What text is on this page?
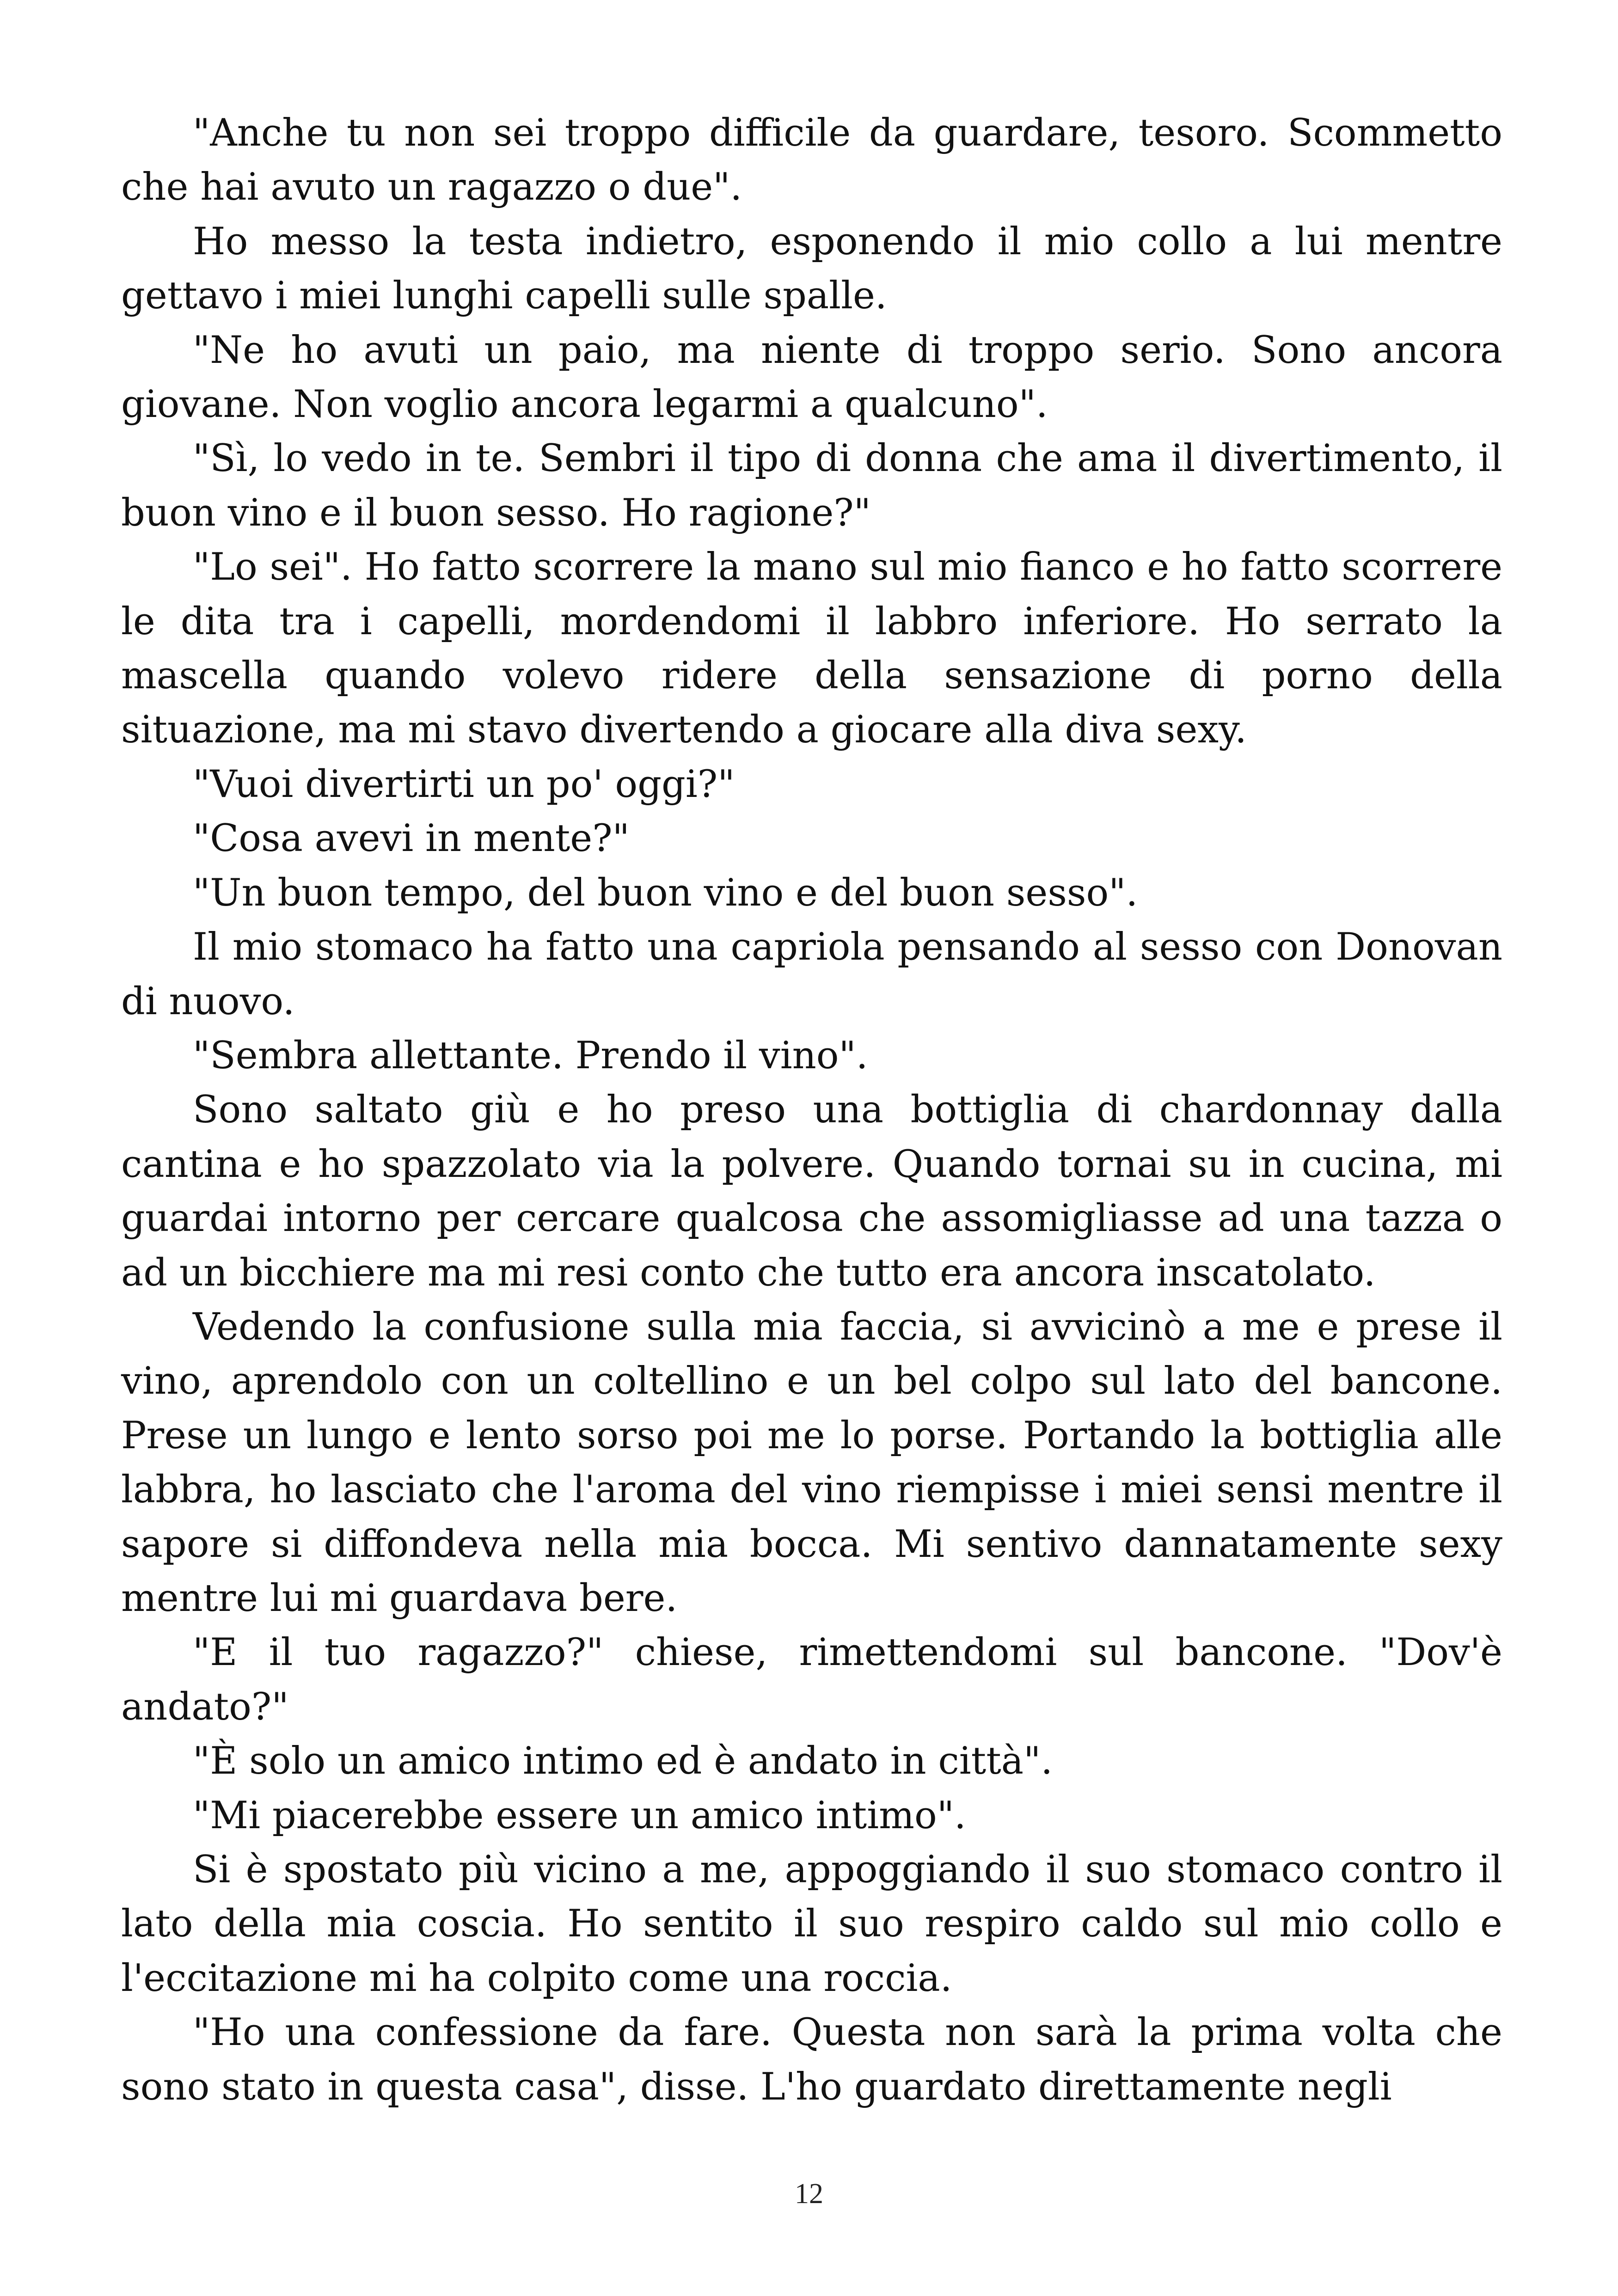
"Anche tu non sei troppo difficile da guardare, tesoro. Scommetto che hai avuto un ragazzo o due".

Ho messo la testa indietro, esponendo il mio collo a lui mentre gettavo i miei lunghi capelli sulle spalle.

"Ne ho avuti un paio, ma niente di troppo serio. Sono ancora giovane. Non voglio ancora legarmi a qualcuno".

"Sì, lo vedo in te. Sembri il tipo di donna che ama il divertimento, il buon vino e il buon sesso. Ho ragione?"

"Lo sei". Ho fatto scorrere la mano sul mio fianco e ho fatto scorrere le dita tra i capelli, mordendomi il labbro inferiore. Ho serrato la mascella quando volevo ridere della sensazione di porno della situazione, ma mi stavo divertendo a giocare alla diva sexy.

"Vuoi divertirti un po' oggi?"

"Cosa avevi in mente?"

"Un buon tempo, del buon vino e del buon sesso".

Il mio stomaco ha fatto una capriola pensando al sesso con Donovan di nuovo.

"Sembra allettante. Prendo il vino".

Sono saltato giù e ho preso una bottiglia di chardonnay dalla cantina e ho spazzolato via la polvere. Quando tornai su in cucina, mi guardai intorno per cercare qualcosa che assomigliasse ad una tazza o ad un bicchiere ma mi resi conto che tutto era ancora inscatolato.

Vedendo la confusione sulla mia faccia, si avvicinò a me e prese il vino, aprendolo con un coltellino e un bel colpo sul lato del bancone. Prese un lungo e lento sorso poi me lo porse. Portando la bottiglia alle labbra, ho lasciato che l'aroma del vino riempisse i miei sensi mentre il sapore si diffondeva nella mia bocca. Mi sentivo dannatamente sexy mentre lui mi guardava bere.

"E il tuo ragazzo?" chiese, rimettendomi sul bancone. "Dov'è andato?"

"È solo un amico intimo ed è andato in città".

"Mi piacerebbe essere un amico intimo".

Si è spostato più vicino a me, appoggiando il suo stomaco contro il lato della mia coscia. Ho sentito il suo respiro caldo sul mio collo e l'eccitazione mi ha colpito come una roccia.

"Ho una confessione da fare. Questa non sarà la prima volta che sono stato in questa casa", disse. L'ho guardato direttamente negli

12
